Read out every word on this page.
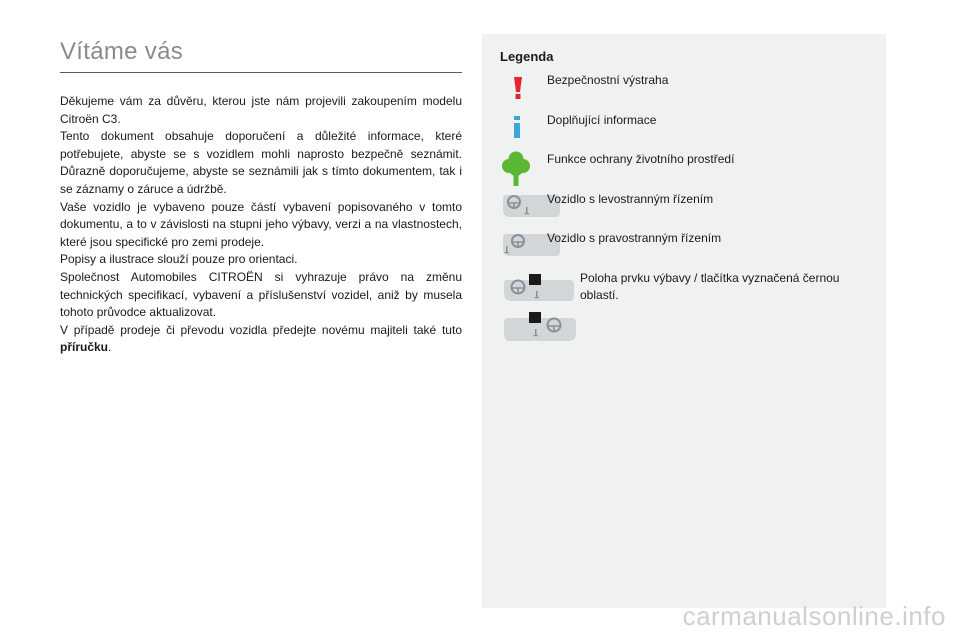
Vítáme vás

Děkujeme vám za důvěru, kterou jste nám projevili zakoupením modelu Citroën C3.

Tento dokument obsahuje doporučení a důležité informace, které potřebujete, abyste se s vozidlem mohli naprosto bezpečně seznámit. Důrazně doporučujeme, abyste se seznámili jak s tímto dokumentem, tak i se záznamy o záruce a údržbě.

Vaše vozidlo je vybaveno pouze částí vybavení popisovaného v tomto dokumentu, a to v závislosti na stupni jeho výbavy, verzi a na vlastnostech, které jsou specifické pro zemi prodeje.

Popisy a ilustrace slouží pouze pro orientaci.

Společnost Automobiles CITROËN si vyhrazuje právo na změnu technických specifikací, vybavení a příslušenství vozidel, aniž by musela tohoto průvodce aktualizovat.

V případě prodeje či převodu vozidla předejte novému majiteli také tuto příručku.

Legenda
Bezpečnostní výstraha
Doplňující informace
Funkce ochrany životního prostředí
Vozidlo s levostranným řízením
Vozidlo s pravostranným řízením
Poloha prvku výbavy / tlačítka vyznačená černou oblastí.
carmanualsonline.info
